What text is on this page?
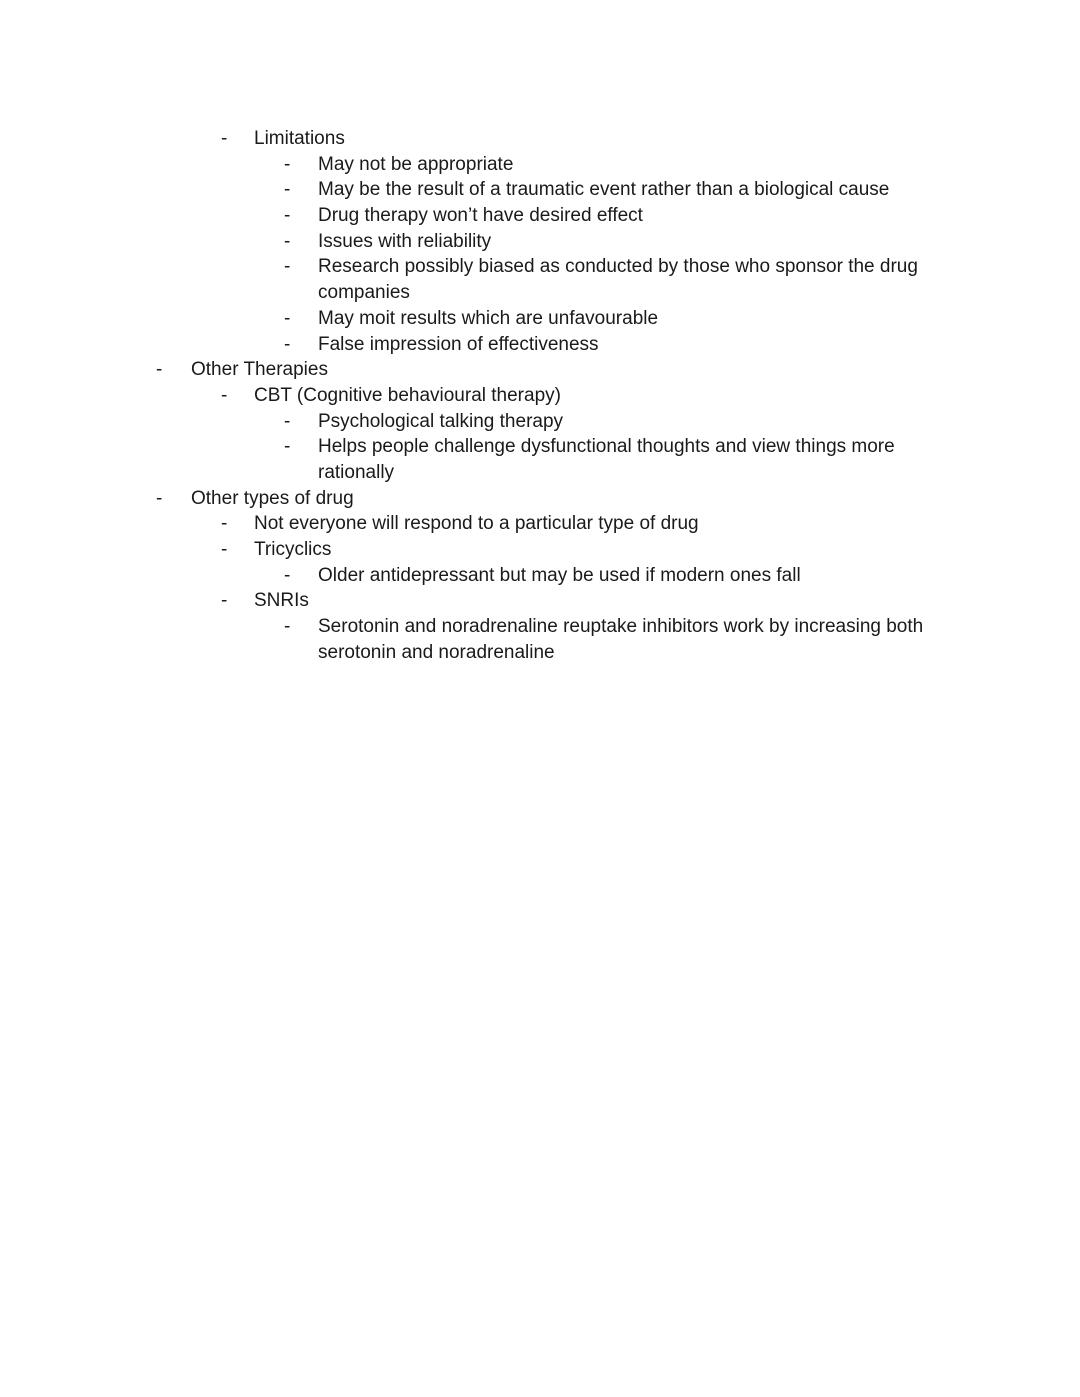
- Limitations
- May not be appropriate
- May be the result of a traumatic event rather than a biological cause
- Drug therapy won’t have desired effect
- Issues with reliability
- Research possibly biased as conducted by those who sponsor the drug
companies
- May moit results which are unfavourable
- False impression of effectiveness
- Other Therapies
- CBT (Cognitive behavioural therapy)
- Psychological talking therapy
- Helps people challenge dysfunctional thoughts and view things more
rationally
- Other types of drug
- Not everyone will respond to a particular type of drug
- Tricyclics
- Older antidepressant but may be used if modern ones fall
- SNRIs
- Serotonin and noradrenaline reuptake inhibitors work by increasing both
serotonin and noradrenaline
